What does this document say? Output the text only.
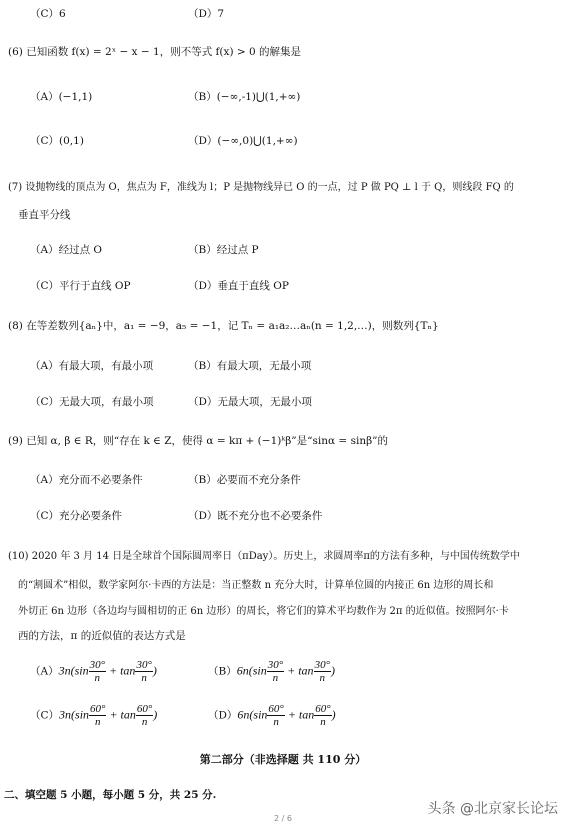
（C）6	（D）7
(6) 已知函数 f(x) = 2ˣ − x − 1，则不等式 f(x) > 0 的解集是
（A）(−1,1)	（B）(−∞,-1)⋃(1,+∞)
（C）(0,1)	（D）(−∞,0)⋃(1,+∞)
(7) 设抛物线的顶点为 O，焦点为 F，准线为 l；P 是抛物线异已 O 的一点，过 P 做 PQ ⊥ l 于 Q，则线段 FQ 的
垂直平分线
（A）经过点 O	（B）经过点 P
（C）平行于直线 OP	（D）垂直于直线 OP
(8) 在等差数列{aₙ}中，a₁ = −9，a₅ = −1，记 Tₙ = a₁a₂…aₙ(n = 1,2,…)，则数列{Tₙ}
（A）有最大项，有最小项	（B）有最大项，无最小项
（C）无最大项，有最小项	（D）无最大项，无最小项
(9) 已知 α, β ∈ R，则“存在 k ∈ Z，使得 α = kπ + (−1)ᵏβ”是“sinα = sinβ”的
（A）充分而不必要条件	（B）必要而不充分条件
（C）充分必要条件	（D）既不充分也不必要条件
(10) 2020 年 3 月 14 日是全球首个国际圆周率日（πDay）。历史上，求圆周率π的方法有多种，与中国传统数学中
的“割圆术”相似，数学家阿尔·卡西的方法是：当正整数 n 充分大时，计算单位圆的内接正 6n 边形的周长和
外切正 6n 边形（各边均与圆相切的正 6n 边形）的周长，将它们的算术平均数作为 2π 的近似值。按照阿尔·卡
西的方法，π 的近似值的表达方式是
$(A)3n(\sin \frac{30^\circ}{n} + \tan \frac{30^\circ}{n}$ )	$(B)6n(\sin \frac{30^\circ}{n} + \tan \frac{30^\circ}{n}$ )
$(C)3n(\sin \frac{60^\circ}{n} + \tan \frac{60^\circ}{n}$ )	$(D)6n(\sin \frac{60^\circ}{n} + \tan \frac{60^\circ}{n}$ )
第二部分（非选择题 共 110 分）
二、填空题 5 小题，每小题 5 分，共 25 分.
2 / 6
头条 @北京家长论坛
